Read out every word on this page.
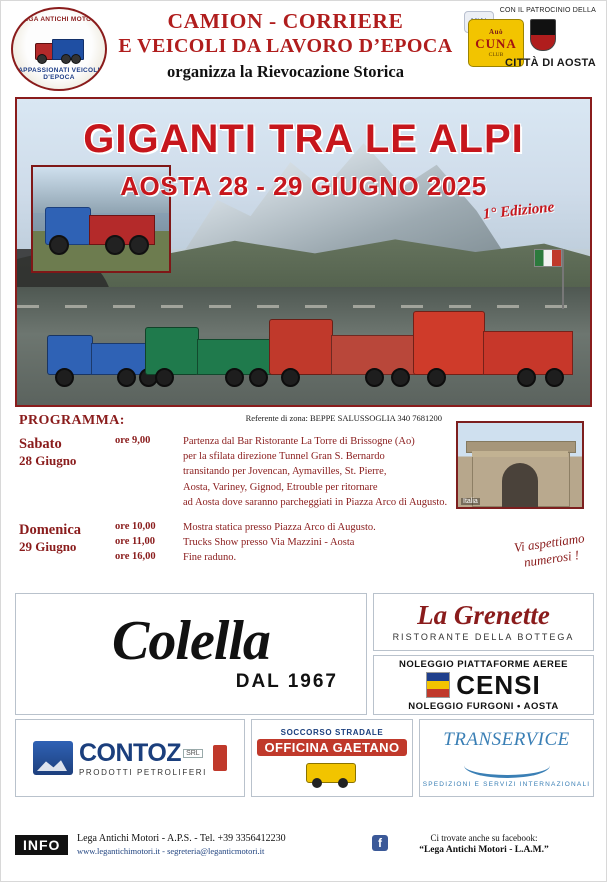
LEGA ANTICHI MOTORI
APPASSIONATI VEICOLI D'EPOCA
CAMION - CORRIERE
E VEICOLI DA LAVORO D’EPOCA
organizza la Rievocazione Storica
CON IL PATROCINIO DELLA
Auò
CUNA
CLUB
CITTÀ DI AOSTA
GIGANTI TRA LE ALPI
AOSTA 28 - 29 GIUGNO 2025
1° Edizione
PROGRAMMA:	Referente di zona: BEPPE SALUSSOGLIA 340 7681200
Italia
Sabato
28 Giugno
ore 9,00	Partenza dal Bar Ristorante La Torre di Brissogne (Ao)
per la sfilata direzione Tunnel Gran S. Bernardo
transitando per Jovencan, Aymavilles, St. Pierre,
Aosta, Variney, Gignod, Etrouble per ritornare
ad Aosta dove saranno parcheggiati in Piazza Arco di Augusto.
Domenica
29 Giugno
ore 10,00	Mostra statica presso Piazza Arco di Augusto.
ore 11,00	Trucks Show presso Via Mazzini - Aosta
ore 16,00	Fine raduno.
Vi aspettiamo
numerosi !
Colella
DAL 1967
La Grenette
RISTORANTE DELLA BOTTEGA
NOLEGGIO PIATTAFORME AEREE
CENSI
NOLEGGIO FURGONI • AOSTA
CONTOZ SRL
PRODOTTI PETROLIFERI
SOCCORSO STRADALE
OFFICINA GAETANO	TRANSERVICE
SPEDIZIONI E SERVIZI INTERNAZIONALI
INFO	Lega Antichi Motori - A.P.S. - Tel. +39 3356412230
www.legantichimotori.it - segreteria@leganticmotori.it
f	Ci trovate anche su facebook:
“Lega Antichi Motori - L.A.M.”
